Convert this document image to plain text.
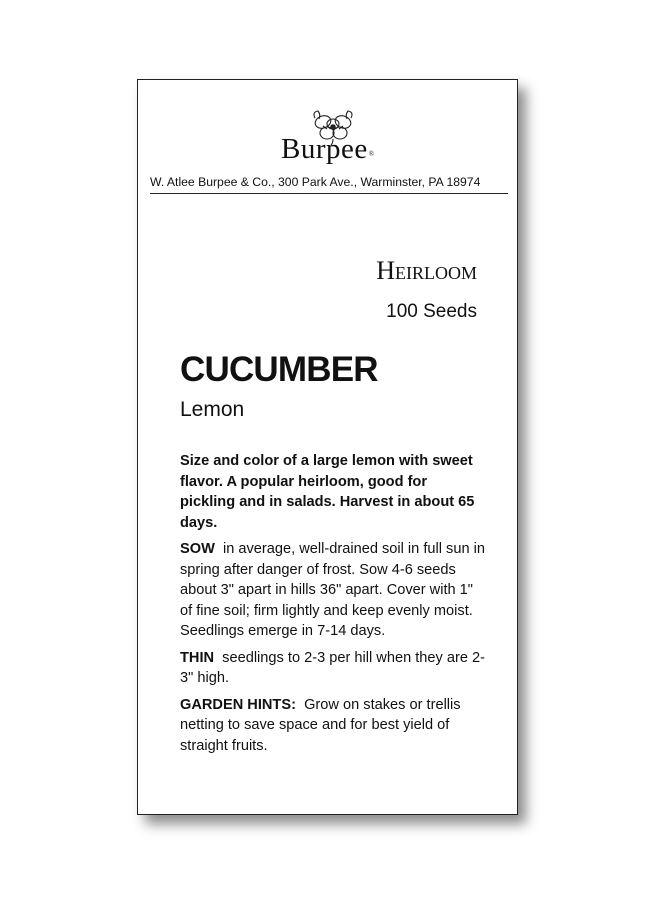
Burpee®
W. Atlee Burpee & Co., 300 Park Ave., Warminster, PA 18974
Heirloom
100 Seeds
CUCUMBER
Lemon

Size and color of a large lemon with sweet flavor. A popular heirloom, good for pickling and in salads. Harvest in about 65 days.

SOW in average, well-drained soil in full sun in spring after danger of frost. Sow 4-6 seeds about 3" apart in hills 36" apart. Cover with 1" of fine soil; firm lightly and keep evenly moist. Seedlings emerge in 7-14 days.

THIN seedlings to 2-3 per hill when they are 2-3" high.

GARDEN HINTS: Grow on stakes or trellis netting to save space and for best yield of straight fruits.
